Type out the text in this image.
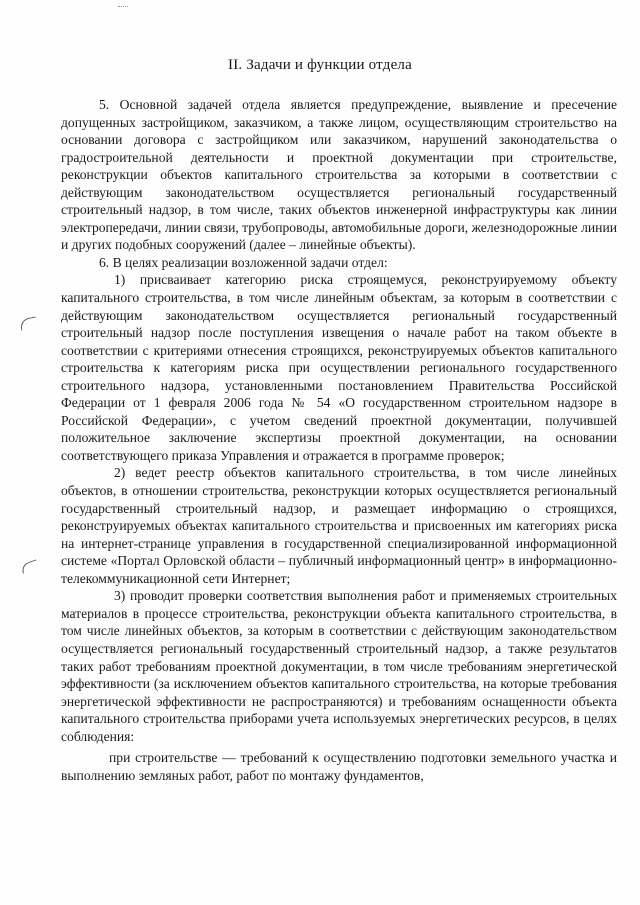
II. Задачи и функции отдела

5. Основной задачей отдела является предупреждение, выявление и пресечение допущенных застройщиком, заказчиком, а также лицом, осуществляющим строительство на основании договора с застройщиком или заказчиком, нарушений законодательства о градостроительной деятельности и проектной документации при строительстве, реконструкции объектов капитального строительства за которыми в соответствии с действующим законодательством осуществляется региональный государственный строительный надзор, в том числе, таких объектов инженерной инфраструктуры как линии электропередачи, линии связи, трубопроводы, автомобильные дороги, железнодорожные линии и других подобных сооружений (далее – линейные объекты).

6. В целях реализации возложенной задачи отдел:

1) присваивает категорию риска строящемуся, реконструируемому объекту капитального строительства, в том числе линейным объектам, за которым в соответствии с действующим законодательством осуществляется региональный государственный строительный надзор после поступления извещения о начале работ на таком объекте в соответствии с критериями отнесения строящихся, реконструируемых объектов капитального строительства к категориям риска при осуществлении регионального государственного строительного надзора, установленными постановлением Правительства Российской Федерации от 1 февраля 2006 года № 54 «О государственном строительном надзоре в Российской Федерации», с учетом сведений проектной документации, получившей положительное заключение экспертизы проектной документации, на основании соответствующего приказа Управления и отражается в программе проверок;

2) ведет реестр объектов капитального строительства, в том числе линейных объектов, в отношении строительства, реконструкции которых осуществляется региональный государственный строительный надзор, и размещает информацию о строящихся, реконструируемых объектах капитального строительства и присвоенных им категориях риска на интернет-странице управления в государственной специализированной информационной системе «Портал Орловской области – публичный информационный центр» в информационно-телекоммуникационной сети Интернет;

3) проводит проверки соответствия выполнения работ и применяемых строительных материалов в процессе строительства, реконструкции объекта капитального строительства, в том числе линейных объектов, за которым в соответствии с действующим законодательством осуществляется региональный государственный строительный надзор, а также результатов таких работ требованиям проектной документации, в том числе требованиям энергетической эффективности (за исключением объектов капитального строительства, на которые требования энергетической эффективности не распространяются) и требованиям оснащенности объекта капитального строительства приборами учета используемых энергетических ресурсов, в целях соблюдения:

при строительстве — требований к осуществлению подготовки земельного участка и выполнению земляных работ, работ по монтажу фундаментов,
